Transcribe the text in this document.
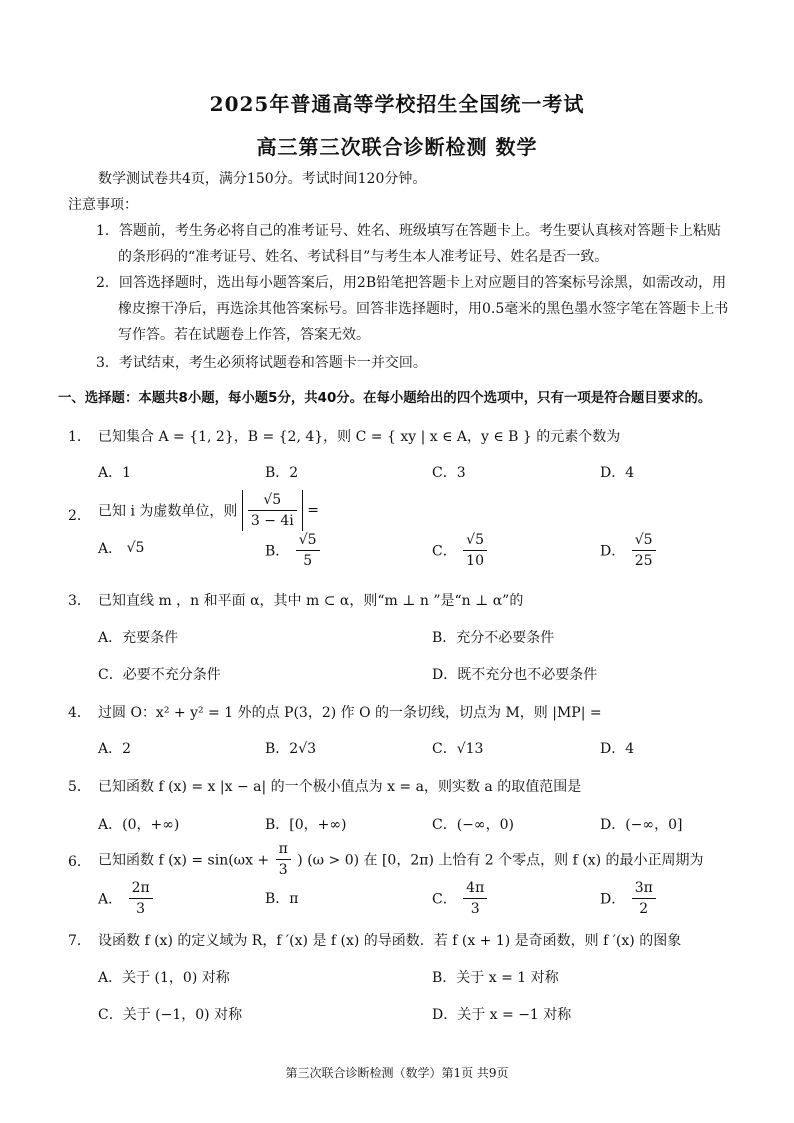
2025年普通高等学校招生全国统一考试
高三第三次联合诊断检测 数学
数学测试卷共4页，满分150分。考试时间120分钟。
注意事项：
1．答题前，考生务必将自己的准考证号、姓名、班级填写在答题卡上。考生要认真核对答题卡上粘贴
的条形码的“准考证号、姓名、考试科目”与考生本人准考证号、姓名是否一致。
2．回答选择题时，选出每小题答案后，用2B铅笔把答题卡上对应题目的答案标号涂黑，如需改动，用
橡皮擦干净后，再选涂其他答案标号。回答非选择题时，用0.5毫米的黑色墨水签字笔在答题卡上书
写作答。若在试题卷上作答，答案无效。
3．考试结束，考生必须将试题卷和答题卡一并交回。
一、选择题：本题共8小题，每小题5分，共40分。在每小题给出的四个选项中，只有一项是符合题目要求的。
1． 已知集合 A = {1, 2}，B = {2, 4}，则 C = { xy | x ∈ A，y ∈ B } 的元素个数为
A．1	B．2	C．3	D．4
2． 已知 i 为虚数单位，则 $\frac{√5}{3 - 4i}$ =
A． √5	B． $\frac{√5}{5}$	C． $\frac{√5}{10}$	D． $\frac{√5}{25}$
3． 已知直线 m ，n 和平面 α，其中 m ⊂ α，则“m ⊥ n ”是“n ⊥ α”的
A．充要条件	B．充分不必要条件
C．必要不充分条件	D．既不充分也不必要条件
4． 过圆 O：x² + y² = 1 外的点 P(3，2) 作 O 的一条切线，切点为 M，则 |MP| =
A．2	B．2√3	C．√13	D．4
5． 已知函数 f (x) = x |x − a| 的一个极小值点为 x = a，则实数 a 的取值范围是
A．(0，+∞)	B．[0，+∞)	C．(−∞，0)	D．(−∞，0]
6． 已知函数 f $(x) = \sin(\omega x + \frac{\pi}{3}$ ) (ω > 0) 在 [0，2π) 上恰有 2 个零点，则 f (x) 的最小正周期为
A． $\frac{2\pi}{3}$	B．π	C． $\frac{4\pi}{3}$	D． $\frac{3\pi}{2}$
7． 设函数 f (x) 的定义域为 R，f ′(x) 是 f (x) 的导函数．若 f (x + 1) 是奇函数，则 f ′(x) 的图象
A．关于 (1，0) 对称	B．关于 x = 1 对称
C．关于 (−1，0) 对称	D．关于 x = −1 对称
第三次联合诊断检测（数学）第1页 共9页
